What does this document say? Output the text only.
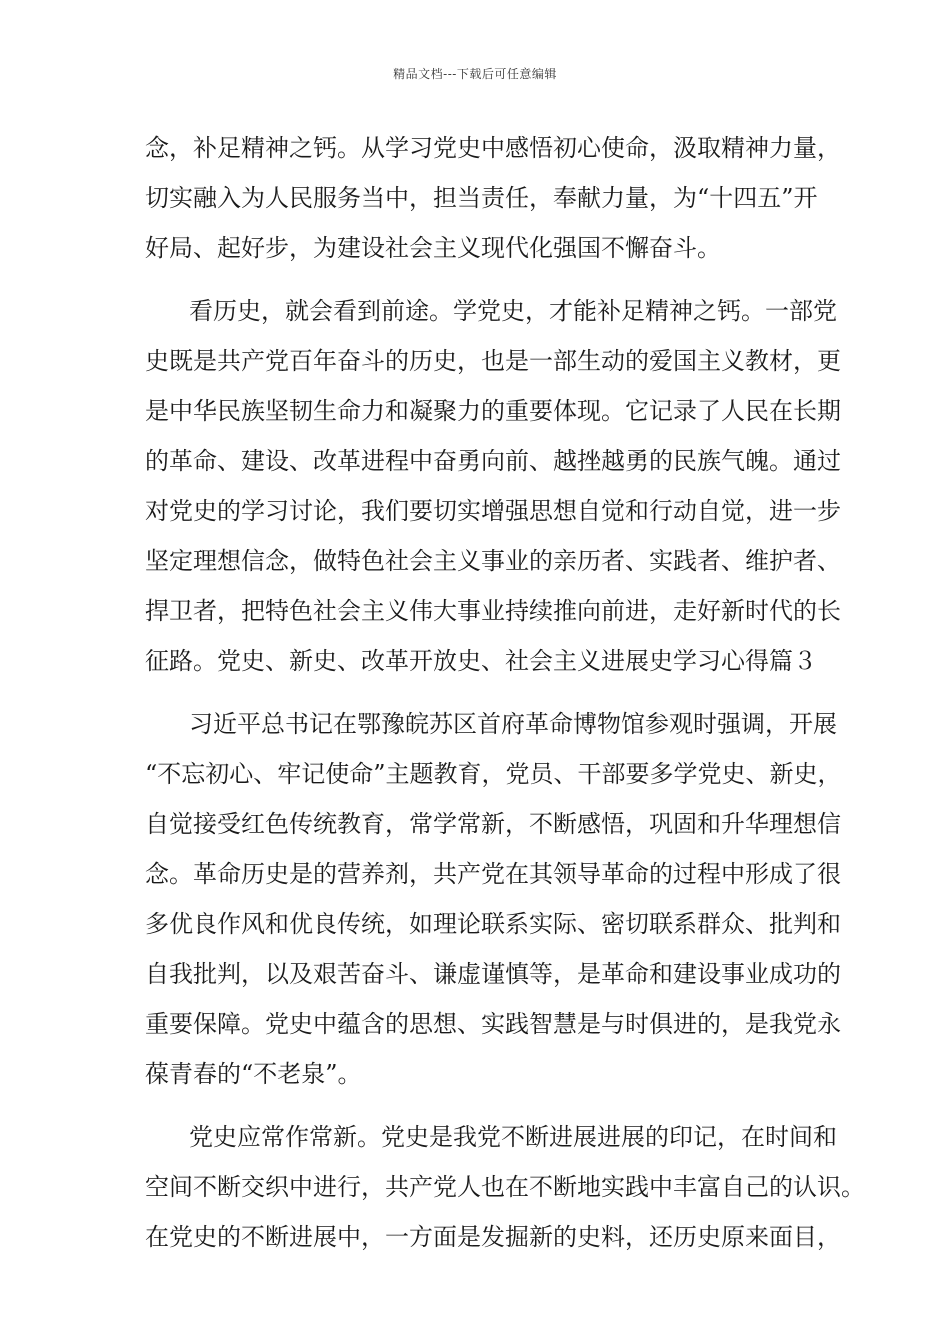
精品文档---下载后可任意编辑
念，补足精神之钙。从学习党史中感悟初心使命，汲取精神力量，
切实融入为人民服务当中，担当责任，奉献力量，为“十四五”开
好局、起好步，为建设社会主义现代化强国不懈奋斗。
看历史，就会看到前途。学党史，才能补足精神之钙。一部党
史既是共产党百年奋斗的历史，也是一部生动的爱国主义教材，更
是中华民族坚韧生命力和凝聚力的重要体现。它记录了人民在长期
的革命、建设、改革进程中奋勇向前、越挫越勇的民族气魄。通过
对党史的学习讨论，我们要切实增强思想自觉和行动自觉，进一步
坚定理想信念，做特色社会主义事业的亲历者、实践者、维护者、
捍卫者，把特色社会主义伟大事业持续推向前进，走好新时代的长
征路。党史、新史、改革开放史、社会主义进展史学习心得篇３
习近平总书记在鄂豫皖苏区首府革命博物馆参观时强调，开展
“不忘初心、牢记使命”主题教育，党员、干部要多学党史、新史，
自觉接受红色传统教育，常学常新，不断感悟，巩固和升华理想信
念。革命历史是的营养剂，共产党在其领导革命的过程中形成了很
多优良作风和优良传统，如理论联系实际、密切联系群众、批判和
自我批判，以及艰苦奋斗、谦虚谨慎等，是革命和建设事业成功的
重要保障。党史中蕴含的思想、实践智慧是与时俱进的，是我党永
葆青春的“不老泉”。
党史应常作常新。党史是我党不断进展进展的印记，在时间和
空间不断交织中进行，共产党人也在不断地实践中丰富自己的认识。
在党史的不断进展中，一方面是发掘新的史料，还历史原来面目，
